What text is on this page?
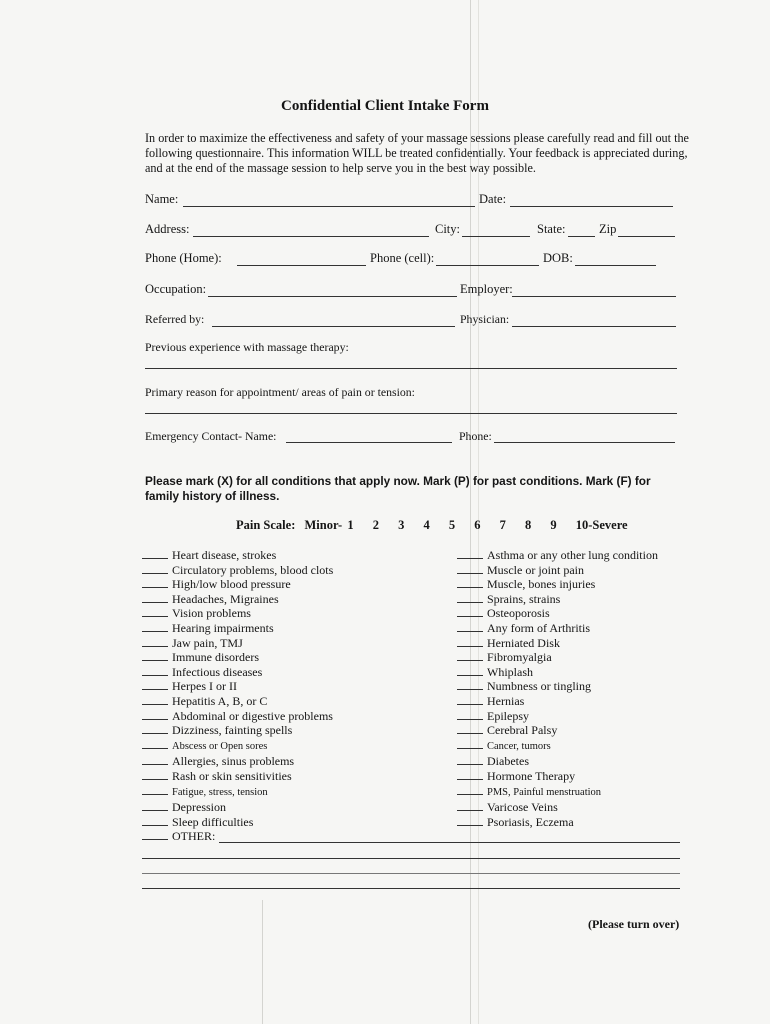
Confidential Client Intake Form
In order to maximize the effectiveness and safety of your massage sessions please carefully read and fill out the following questionnaire. This information WILL be treated confidentially. Your feedback is appreciated during, and at the end of the massage session to help serve you in the best way possible.
Name:	Date:
Address:	City:	State:	Zip
Phone (Home):	Phone (cell):	DOB:
Occupation:	Employer:
Referred by:	Physician:
Previous experience with massage therapy:
Primary reason for appointment/ areas of pain or tension:
Emergency Contact- Name:	Phone:
Please mark (X) for all conditions that apply now. Mark (P) for past conditions. Mark (F) for family history of illness.
Pain Scale: Minor- 1 2 3 4 5 6 7 8 9 10-Severe
Heart disease, strokes
Circulatory problems, blood clots
High/low blood pressure
Headaches, Migraines
Vision problems
Hearing impairments
Jaw pain, TMJ
Immune disorders
Infectious diseases
Herpes I or II
Hepatitis A, B, or C
Abdominal or digestive problems
Dizziness, fainting spells
Abscess or Open sores
Allergies, sinus problems
Rash or skin sensitivities
Fatigue, stress, tension
Depression
Sleep difficulties
OTHER:
Asthma or any other lung condition
Muscle or joint pain
Muscle, bones injuries
Sprains, strains
Osteoporosis
Any form of Arthritis
Herniated Disk
Fibromyalgia
Whiplash
Numbness or tingling
Hernias
Epilepsy
Cerebral Palsy
Cancer, tumors
Diabetes
Hormone Therapy
PMS, Painful menstruation
Varicose Veins
Psoriasis, Eczema
(Please turn over)
